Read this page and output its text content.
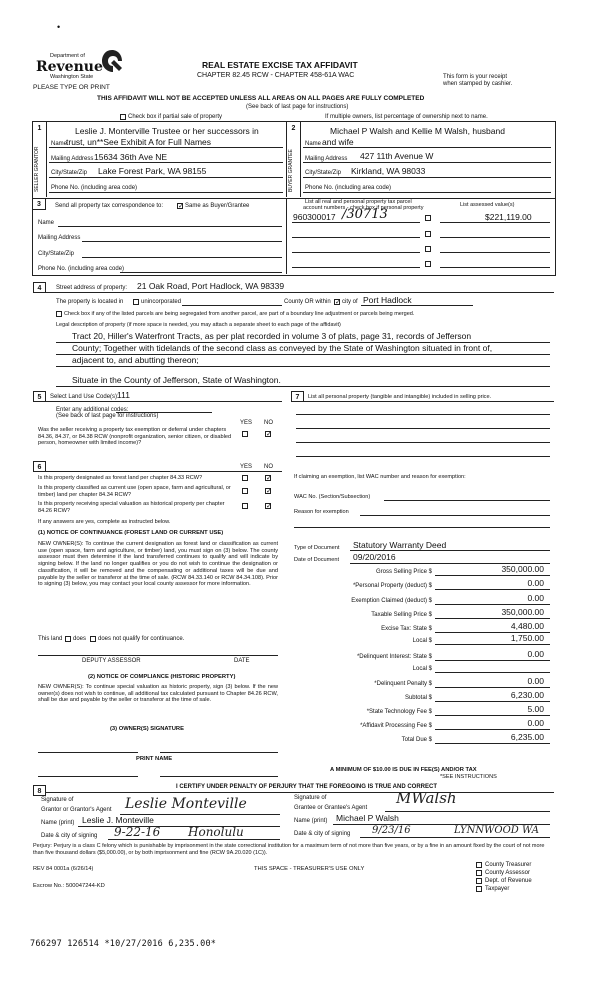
•
Department of
Revenue
Washington State
PLEASE TYPE OR PRINT
REAL ESTATE EXCISE TAX AFFIDAVIT
CHAPTER 82.45 RCW - CHAPTER 458-61A WAC	This form is your receipt
when stamped by cashier.
THIS AFFIDAVIT WILL NOT BE ACCEPTED UNLESS ALL AREAS ON ALL PAGES ARE FULLY COMPLETED
(See back of last page for instructions)
Check box if partial sale of property	If multiple owners, list percentage of ownership next to name.
1	2
SELLER GRANTOR	BUYER GRANTEE
Leslie J. Monterville Trustee or her successors in
Name
trust, un**See Exhibit A for Full Names
Mailing Address 15634 36th Ave NE
City/State/Zip Lake Forest Park, WA 98155
Phone No. (including area code)
Michael P Walsh and Kellie M Walsh, husband
Name and wife
Mailing Address 427 11th Avenue W
City/State/Zip Kirkland, WA 98033
Phone No. (including area code)
3	Send all property tax correspondence to: ✓ Same as Buyer/Grantee
Name
Mailing Address
City/State/Zip
Phone No. (including area code)
List all real and personal property tax parcel
account numbers - check box if personal property	List assessed value(s)
960300017 /30713	$221,119.00
4	Street address of property: 21 Oak Road, Port Hadlock, WA 98339
The property is located in	unincorporated	County OR within ✓ city of Port Hadlock
Check box if any of the listed parcels are being segregated from another parcel, are part of a boundary line adjustment or parcels being merged.
Legal description of property (if more space is needed, you may attach a separate sheet to each page of the affidavit)
Tract 20, Hiller's Waterfront Tracts, as per plat recorded in volume 3 of plats, page 31, records of Jefferson
County; Together with tidelands of the second class as conveyed by the State of Washington situated in front of,
adjacent to, and abutting thereon;
Situate in the County of Jefferson, State of Washington.
5	Select Land Use Code(s):
111
Enter any additional codes:
(See back of last page for instructions)
YES NO
Was the seller receiving a property tax exemption or deferral under chapters 84.36, 84.37, or 84.38 RCW (nonprofit organization, senior citizen, or disabled person, homeowner with limited income)?
✓
6	YES NO
Is this property designated as forest land per chapter 84.33 RCW?	✓
Is this property classified as current use (open space, farm and agricultural, or timber) land per chapter 84.34 RCW?	✓
Is this property receiving special valuation as historical property per chapter 84.26 RCW?
✓
If any answers are yes, complete as instructed below.
(1) NOTICE OF CONTINUANCE (FOREST LAND OR CURRENT USE)
NEW OWNER(S): To continue the current designation as forest land or classification as current use (open space, farm and agriculture, or timber) land, you must sign on (3) below. The county assessor must then determine if the land transferred continues to qualify and will indicate by signing below. If the land no longer qualifies or you do not wish to continue the designation or classification, it will be removed and the compensating or additional taxes will be due and payable by the seller or transferor at the time of sale. (RCW 84.33.140 or RCW 84.34.108). Prior to signing (3) below, you may contact your local county assessor for more information.
This land does does not qualify for continuance.
DEPUTY ASSESSOR	DATE
(2) NOTICE OF COMPLIANCE (HISTORIC PROPERTY)
NEW OWNER(S): To continue special valuation as historic property, sign (3) below. If the new owner(s) does not wish to continue, all additional tax calculated pursuant to Chapter 84.26 RCW, shall be due and payable by the seller or transferor at the time of sale.
(3) OWNER(S) SIGNATURE
PRINT NAME
7	List all personal property (tangible and intangible) included in selling price.
If claiming an exemption, list WAC number and reason for exemption:
WAC No. (Section/Subsection)
Reason for exemption
Type of Document Statutory Warranty Deed
Date of Document 09/20/2016
Gross Selling Price $	350,000.00
*Personal Property (deduct) $	0.00
Exemption Claimed (deduct) $	0.00
Taxable Selling Price $	350,000.00
Excise Tax: State $	4,480.00
Local $	1,750.00
*Delinquent Interest: State $	0.00
Local $
*Delinquent Penalty $	0.00
Subtotal $	6,230.00
*State Technology Fee $	5.00
*Affidavit Processing Fee $	0.00
Total Due $	6,235.00
A MINIMUM OF $10.00 IS DUE IN FEE(S) AND/OR TAX
*SEE INSTRUCTIONS
8
I CERTIFY UNDER PENALTY OF PERJURY THAT THE FOREGOING IS TRUE AND CORRECT
Signature of
Grantor or Grantor's Agent Leslie Monteville
Name (print) Leslie J. Monteville
Date & city of signing 9-22-16 Honolulu
Signature of
Grantee or Grantee's Agent
MWalsh
Name (print) Michael P Walsh
Date & city of signing 9/23/16	LYNNWOOD WA
Perjury: Perjury is a class C felony which is punishable by imprisonment in the state correctional institution for a maximum term of not more than five years, or by a fine in an amount fixed by the court of not more than five thousand dollars ($5,000.00), or by both imprisonment and fine (RCW 9A.20.020 (1C)).
REV 84 0001a (6/26/14)	THIS SPACE - TREASURER'S USE ONLY
Escrow No.: 500047244-KD
County Treasurer
County Assessor
Dept. of Revenue
Taxpayer
766297 126514 *10/27/2016 6,235.00*
